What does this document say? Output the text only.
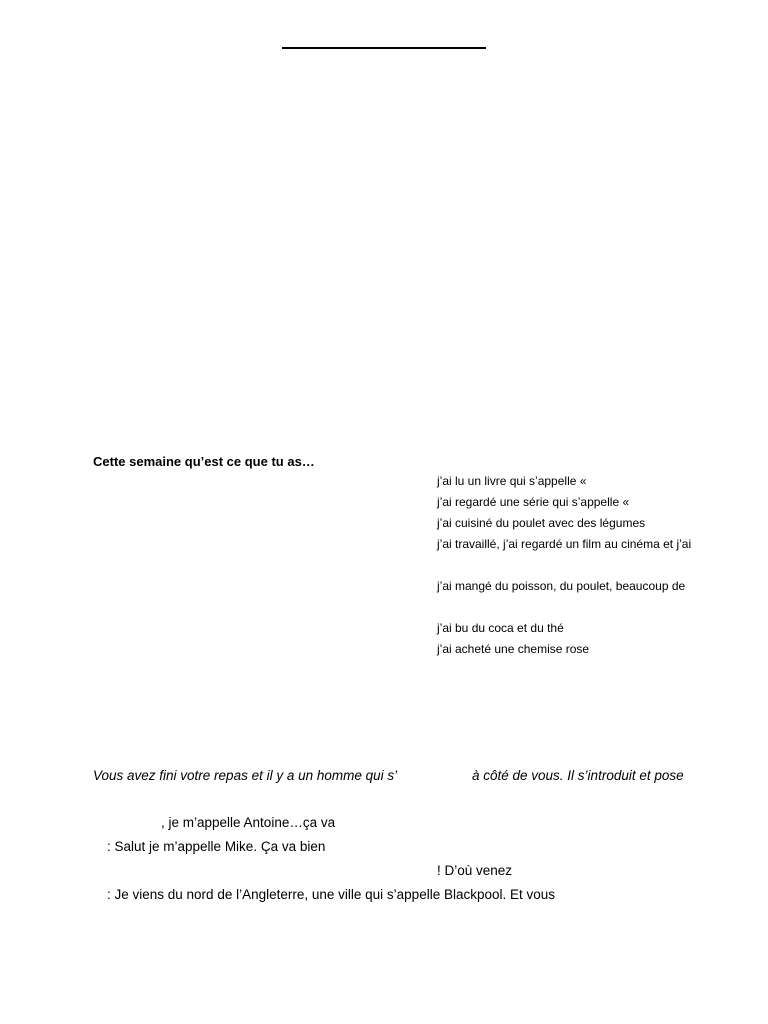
Cette semaine qu’est ce que tu as…
j’ai lu un livre qui s’appelle «
j’ai regardé une série qui s’appelle «
j’ai cuisiné du poulet avec des légumes
j’ai travaillé, j’ai regardé un film au cinéma et j’ai
j’ai mangé du poisson, du poulet, beaucoup de
j’ai bu du coca et du thé
j’ai acheté une chemise rose
Vous avez fini votre repas et il y a un homme qui s’	à côté de vous. Il s’introduit et pose
, je m’appelle Antoine…ça va
: Salut je m’appelle Mike. Ça va bien
! D’où venez
: Je viens du nord de l’Angleterre, une ville qui s’appelle Blackpool. Et vous
